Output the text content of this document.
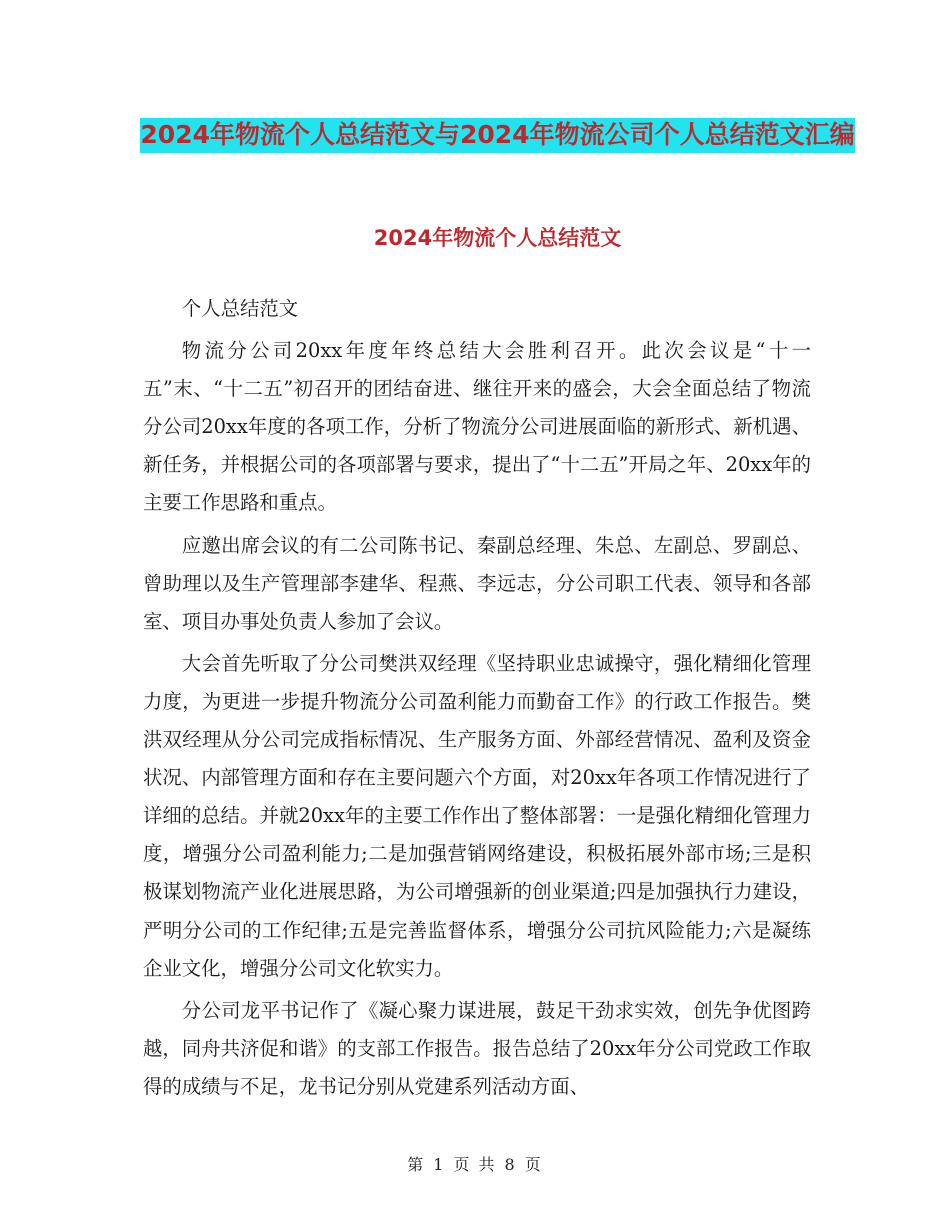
2024年物流个人总结范文与2024年物流公司个人总结范文汇编
2024年物流个人总结范文

个人总结范文

物流分公司20xx年度年终总结大会胜利召开。此次会议是“十一五”末、“十二五”初召开的团结奋进、继往开来的盛会，大会全面总结了物流分公司20xx年度的各项工作，分析了物流分公司进展面临的新形式、新机遇、新任务，并根据公司的各项部署与要求，提出了“十二五”开局之年、20xx年的主要工作思路和重点。

应邀出席会议的有二公司陈书记、秦副总经理、朱总、左副总、罗副总、曾助理以及生产管理部李建华、程燕、李远志，分公司职工代表、领导和各部室、项目办事处负责人参加了会议。

大会首先听取了分公司樊洪双经理《坚持职业忠诚操守，强化精细化管理力度，为更进一步提升物流分公司盈利能力而勤奋工作》的行政工作报告。樊洪双经理从分公司完成指标情况、生产服务方面、外部经营情况、盈利及资金状况、内部管理方面和存在主要问题六个方面，对20xx年各项工作情况进行了详细的总结。并就20xx年的主要工作作出了整体部署：一是强化精细化管理力度，增强分公司盈利能力;二是加强营销网络建设，积极拓展外部市场;三是积极谋划物流产业化进展思路，为公司增强新的创业渠道;四是加强执行力建设，严明分公司的工作纪律;五是完善监督体系，增强分公司抗风险能力;六是凝练企业文化，增强分公司文化软实力。

分公司龙平书记作了《凝心聚力谋进展，鼓足干劲求实效，创先争优图跨越，同舟共济促和谐》的支部工作报告。报告总结了20xx年分公司党政工作取得的成绩与不足，龙书记分别从党建系列活动方面、

第 1 页 共 8 页
